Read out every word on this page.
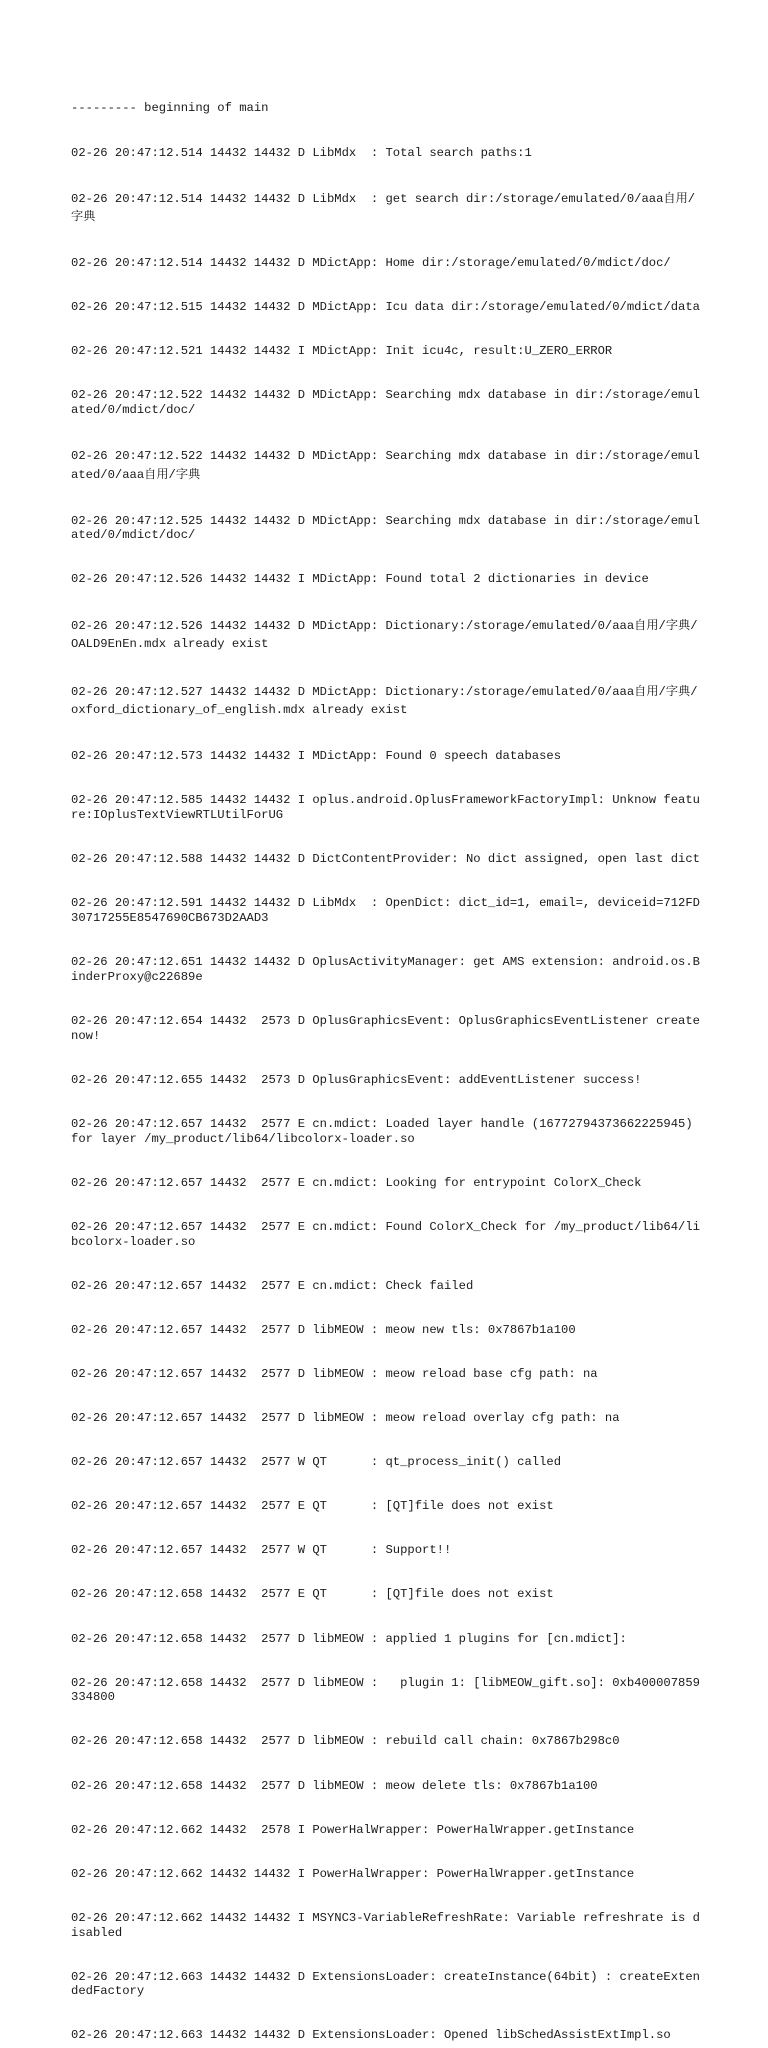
--------- beginning of main

02-26 20:47:12.514 14432 14432 D LibMdx  : Total search paths:1

02-26 20:47:12.514 14432 14432 D LibMdx  : get search dir:/storage/emulated/0/aaa自用/字典

02-26 20:47:12.514 14432 14432 D MDictApp: Home dir:/storage/emulated/0/mdict/doc/

02-26 20:47:12.515 14432 14432 D MDictApp: Icu data dir:/storage/emulated/0/mdict/data

02-26 20:47:12.521 14432 14432 I MDictApp: Init icu4c, result:U_ZERO_ERROR

02-26 20:47:12.522 14432 14432 D MDictApp: Searching mdx database in dir:/storage/emulated/0/mdict/doc/

02-26 20:47:12.522 14432 14432 D MDictApp: Searching mdx database in dir:/storage/emulated/0/aaa自用/字典

02-26 20:47:12.525 14432 14432 D MDictApp: Searching mdx database in dir:/storage/emulated/0/mdict/doc/

02-26 20:47:12.526 14432 14432 I MDictApp: Found total 2 dictionaries in device

02-26 20:47:12.526 14432 14432 D MDictApp: Dictionary:/storage/emulated/0/aaa自用/字典/OALD9EnEn.mdx already exist

02-26 20:47:12.527 14432 14432 D MDictApp: Dictionary:/storage/emulated/0/aaa自用/字典/oxford_dictionary_of_english.mdx already exist

02-26 20:47:12.573 14432 14432 I MDictApp: Found 0 speech databases

02-26 20:47:12.585 14432 14432 I oplus.android.OplusFrameworkFactoryImpl: Unknow feature:IOplusTextViewRTLUtilForUG

02-26 20:47:12.588 14432 14432 D DictContentProvider: No dict assigned, open last dict

02-26 20:47:12.591 14432 14432 D LibMdx  : OpenDict: dict_id=1, email=, deviceid=712FD30717255E8547690CB673D2AAD3

02-26 20:47:12.651 14432 14432 D OplusActivityManager: get AMS extension: android.os.BinderProxy@c22689e

02-26 20:47:12.654 14432  2573 D OplusGraphicsEvent: OplusGraphicsEventListener create now!

02-26 20:47:12.655 14432  2573 D OplusGraphicsEvent: addEventListener success!

02-26 20:47:12.657 14432  2577 E cn.mdict: Loaded layer handle (16772794373662225945) for layer /my_product/lib64/libcolorx-loader.so

02-26 20:47:12.657 14432  2577 E cn.mdict: Looking for entrypoint ColorX_Check

02-26 20:47:12.657 14432  2577 E cn.mdict: Found ColorX_Check for /my_product/lib64/libcolorx-loader.so

02-26 20:47:12.657 14432  2577 E cn.mdict: Check failed

02-26 20:47:12.657 14432  2577 D libMEOW : meow new tls: 0x7867b1a100

02-26 20:47:12.657 14432  2577 D libMEOW : meow reload base cfg path: na

02-26 20:47:12.657 14432  2577 D libMEOW : meow reload overlay cfg path: na

02-26 20:47:12.657 14432  2577 W QT      : qt_process_init() called

02-26 20:47:12.657 14432  2577 E QT      : [QT]file does not exist

02-26 20:47:12.657 14432  2577 W QT      : Support!!

02-26 20:47:12.658 14432  2577 E QT      : [QT]file does not exist

02-26 20:47:12.658 14432  2577 D libMEOW : applied 1 plugins for [cn.mdict]:

02-26 20:47:12.658 14432  2577 D libMEOW :   plugin 1: [libMEOW_gift.so]: 0xb400007859334800

02-26 20:47:12.658 14432  2577 D libMEOW : rebuild call chain: 0x7867b298c0

02-26 20:47:12.658 14432  2577 D libMEOW : meow delete tls: 0x7867b1a100

02-26 20:47:12.662 14432  2578 I PowerHalWrapper: PowerHalWrapper.getInstance

02-26 20:47:12.662 14432 14432 I PowerHalWrapper: PowerHalWrapper.getInstance

02-26 20:47:12.662 14432 14432 I MSYNC3-VariableRefreshRate: Variable refreshrate is disabled

02-26 20:47:12.663 14432 14432 D ExtensionsLoader: createInstance(64bit) : createExtendedFactory

02-26 20:47:12.663 14432 14432 D ExtensionsLoader: Opened libSchedAssistExtImpl.so
